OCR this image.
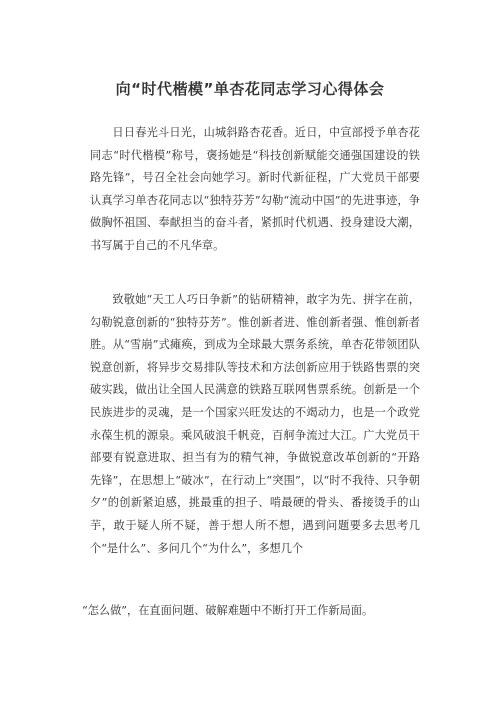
向“时代楷模”单杏花同志学习心得体会

日日春光斗日光，山城斜路杏花香。近日，中宣部授予单杏花同志“时代楷模”称号，褒扬她是“科技创新赋能交通强国建设的铁路先锋”，号召全社会向她学习。新时代新征程，广大党员干部要认真学习单杏花同志以“独特芬芳”勾勒“流动中国”的先进事迹，争做胸怀祖国、奉献担当的奋斗者，紧抓时代机遇、投身建设大潮，书写属于自己的不凡华章。

致敬她“天工人巧日争新”的钻研精神，敢字为先、拼字在前，勾勒锐意创新的“独特芬芳”。惟创新者进、惟创新者强、惟创新者胜。从“雪崩”式瘫痪，到成为全球最大票务系统，单杏花带领团队锐意创新，将异步交易排队等技术和方法创新应用于铁路售票的突破实践，做出让全国人民满意的铁路互联网售票系统。创新是一个民族进步的灵魂，是一个国家兴旺发达的不竭动力，也是一个政党永葆生机的源泉。乘风破浪千帆竞，百舸争流过大江。广大党员干部要有锐意进取、担当有为的精气神，争做锐意改革创新的“开路先锋”，在思想上“破冰”，在行动上“突围”，以“时不我待、只争朝夕”的创新紧迫感，挑最重的担子、啃最硬的骨头、番接烫手的山芋，敢于疑人所不疑，善于想人所不想，遇到问题要多去思考几个“是什么”、多问几个“为什么”，多想几个

“怎么做”，在直面问题、破解难题中不断打开工作新局面。
